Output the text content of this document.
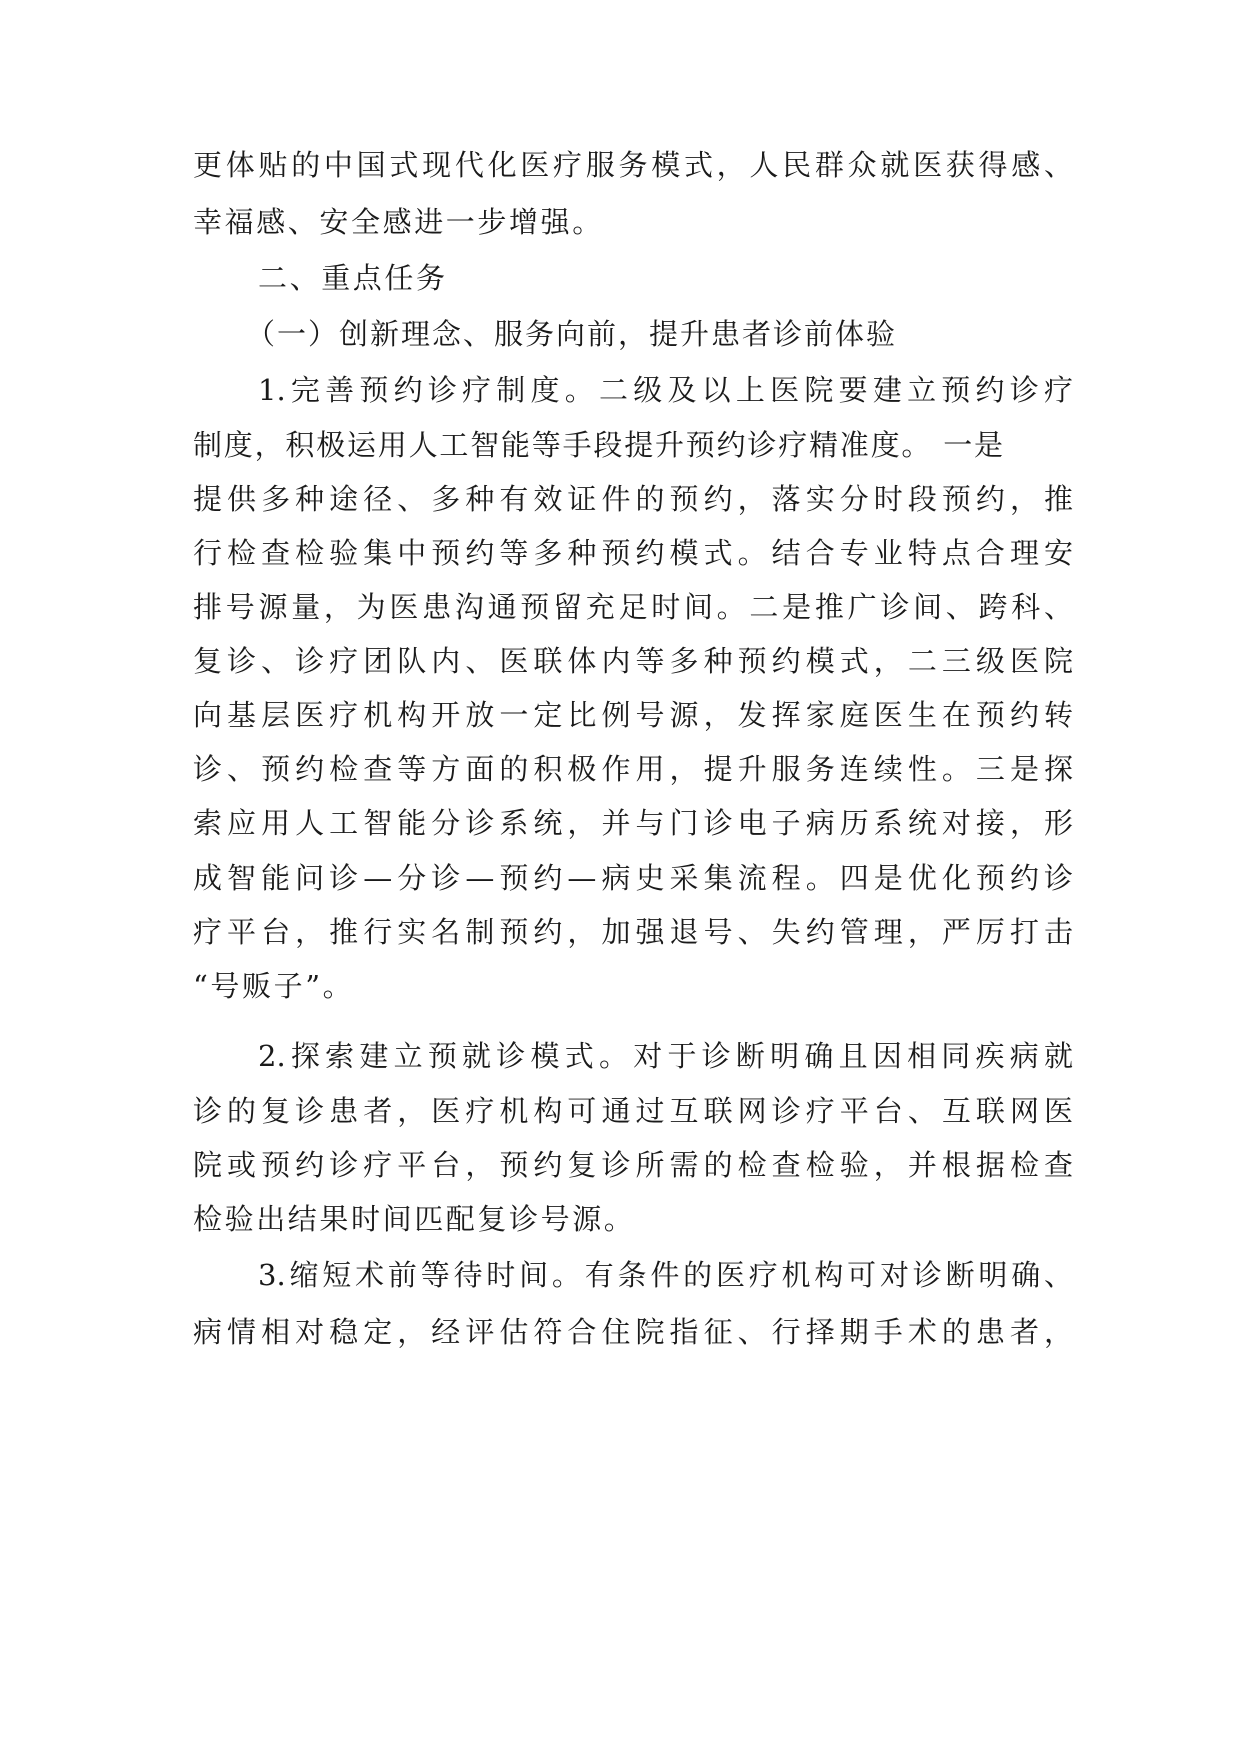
更体贴的中国式现代化医疗服务模式，人民群众就医获得感、

幸福感、安全感进一步增强。

二、重点任务

（一）创新理念、服务向前，提升患者诊前体验

1.完善预约诊疗制度。二级及以上医院要建立预约诊疗

制度，积极运用人工智能等手段提升预约诊疗精准度。 一是

提供多种途径、多种有效证件的预约，落实分时段预约，推

行检查检验集中预约等多种预约模式。结合专业特点合理安

排号源量，为医患沟通预留充足时间。二是推广诊间、跨科、

复诊、诊疗团队内、医联体内等多种预约模式，二三级医院

向基层医疗机构开放一定比例号源，发挥家庭医生在预约转

诊、预约检查等方面的积极作用，提升服务连续性。三是探

索应用人工智能分诊系统，并与门诊电子病历系统对接，形

成智能问诊—分诊—预约—病史采集流程。四是优化预约诊

疗平台，推行实名制预约，加强退号、失约管理，严厉打击

“号贩子”。

2.探索建立预就诊模式。对于诊断明确且因相同疾病就

诊的复诊患者，医疗机构可通过互联网诊疗平台、互联网医

院或预约诊疗平台，预约复诊所需的检查检验，并根据检查

检验出结果时间匹配复诊号源。

3.缩短术前等待时间。有条件的医疗机构可对诊断明确、

病情相对稳定，经评估符合住院指征、行择期手术的患者，
